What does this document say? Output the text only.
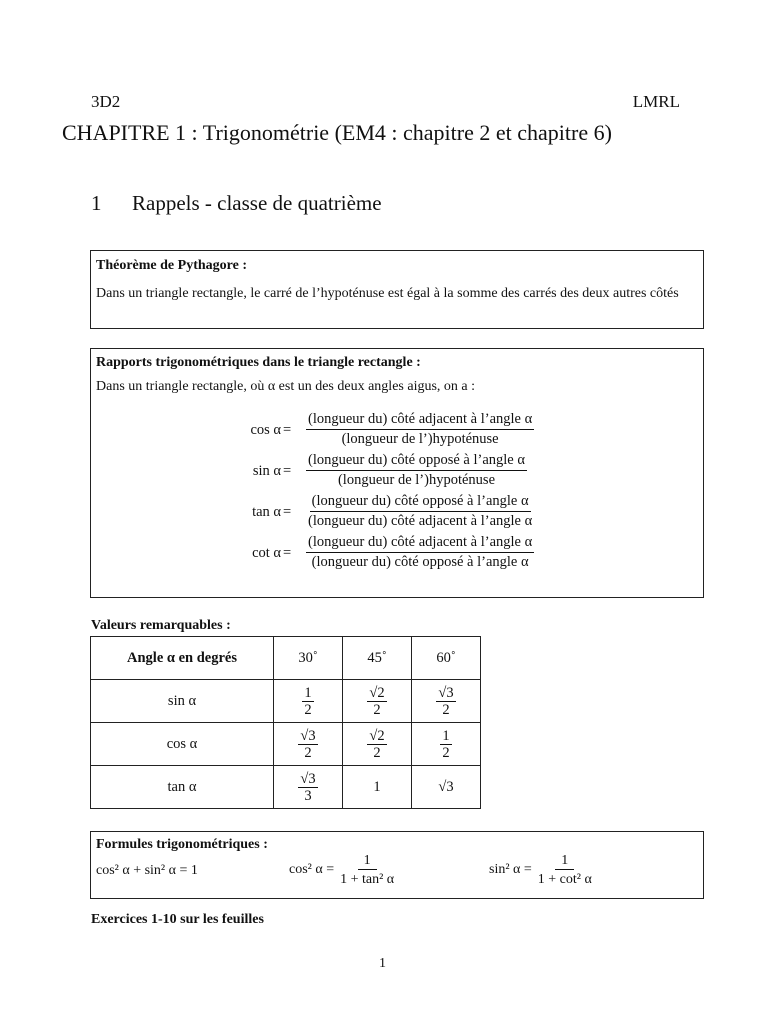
3D2	LMRL
CHAPITRE 1 : Trigonométrie (EM4 : chapitre 2 et chapitre 6)
1 Rappels - classe de quatrième
Théorème de Pythagore :
Dans un triangle rectangle, le carré de l’hypoténuse est égal à la somme des carrés des deux autres côtés
Rapports trigonométriques dans le triangle rectangle :
Dans un triangle rectangle, où α est un des deux angles aigus, on a :
cos α =
(longueur du) côté adjacent à l’angle α
(longueur de l’)hypoténuse
sin α =
(longueur du) côté opposé à l’angle α
(longueur de l’)hypoténuse
tan α =
(longueur du) côté opposé à l’angle α
(longueur du) côté adjacent à l’angle α
cot α =
(longueur du) côté adjacent à l’angle α
(longueur du) côté opposé à l’angle α
Valeurs remarquables :
Angle α en degrés	30˚	45˚	60˚
sin α	$\frac{1}{2}$	$\frac{√2}{2}$	$\frac{√3}{2}$

cos α	$\frac{√3}{2}$	$\frac{√2}{2}$	$\frac{1}{2}$

tan α	$\frac{√3}{3}$	1	√3
Formules trigonométriques :
cos² α + sin² α = 1	cos² $\alpha = \frac{1}{\text{1 + tan² α}}$	sin² $\alpha = \frac{1}{\text{1 + cot² α}}$
Exercices 1-10 sur les feuilles
1
